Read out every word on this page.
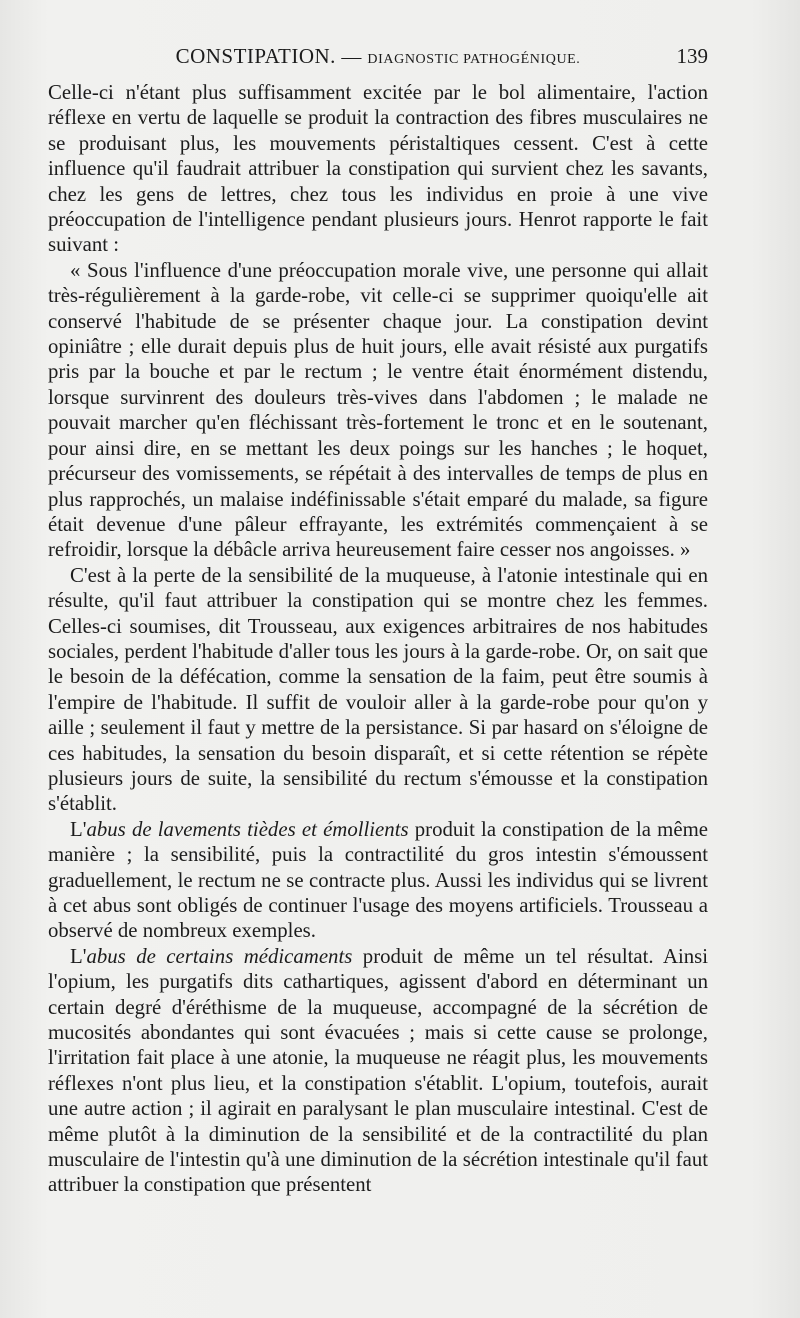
CONSTIPATION. — DIAGNOSTIC PATHOGÉNIQUE.	139

Celle-ci n'étant plus suffisamment excitée par le bol alimentaire, l'action réflexe en vertu de laquelle se produit la contraction des fibres musculaires ne se produisant plus, les mouvements péristaltiques cessent. C'est à cette influence qu'il faudrait attribuer la constipation qui survient chez les savants, chez les gens de lettres, chez tous les individus en proie à une vive préoccupation de l'intelligence pendant plusieurs jours. Henrot rapporte le fait suivant :

« Sous l'influence d'une préoccupation morale vive, une personne qui allait très-régulièrement à la garde-robe, vit celle-ci se supprimer quoiqu'elle ait conservé l'habitude de se présenter chaque jour. La constipation devint opiniâtre ; elle durait depuis plus de huit jours, elle avait résisté aux purgatifs pris par la bouche et par le rectum ; le ventre était énormément distendu, lorsque survinrent des douleurs très-vives dans l'abdomen ; le malade ne pouvait marcher qu'en fléchissant très-fortement le tronc et en le soutenant, pour ainsi dire, en se mettant les deux poings sur les hanches ; le hoquet, précurseur des vomissements, se répétait à des intervalles de temps de plus en plus rapprochés, un malaise indéfinissable s'était emparé du malade, sa figure était devenue d'une pâleur effrayante, les extrémités commençaient à se refroidir, lorsque la débâcle arriva heureusement faire cesser nos angoisses. »

C'est à la perte de la sensibilité de la muqueuse, à l'atonie intestinale qui en résulte, qu'il faut attribuer la constipation qui se montre chez les femmes. Celles-ci soumises, dit Trousseau, aux exigences arbitraires de nos habitudes sociales, perdent l'habitude d'aller tous les jours à la garde-robe. Or, on sait que le besoin de la défécation, comme la sensation de la faim, peut être soumis à l'empire de l'habitude. Il suffit de vouloir aller à la garde-robe pour qu'on y aille ; seulement il faut y mettre de la persistance. Si par hasard on s'éloigne de ces habitudes, la sensation du besoin disparaît, et si cette rétention se répète plusieurs jours de suite, la sensibilité du rectum s'émousse et la constipation s'établit.

L'abus de lavements tièdes et émollients produit la constipation de la même manière ; la sensibilité, puis la contractilité du gros intestin s'émoussent graduellement, le rectum ne se contracte plus. Aussi les individus qui se livrent à cet abus sont obligés de continuer l'usage des moyens artificiels. Trousseau a observé de nombreux exemples.

L'abus de certains médicaments produit de même un tel résultat. Ainsi l'opium, les purgatifs dits cathartiques, agissent d'abord en déterminant un certain degré d'éréthisme de la muqueuse, accompagné de la sécrétion de mucosités abondantes qui sont évacuées ; mais si cette cause se prolonge, l'irritation fait place à une atonie, la muqueuse ne réagit plus, les mouvements réflexes n'ont plus lieu, et la constipation s'établit. L'opium, toutefois, aurait une autre action ; il agirait en paralysant le plan musculaire intestinal. C'est de même plutôt à la diminution de la sensibilité et de la contractilité du plan musculaire de l'intestin qu'à une diminution de la sécrétion intestinale qu'il faut attribuer la constipation que présentent
